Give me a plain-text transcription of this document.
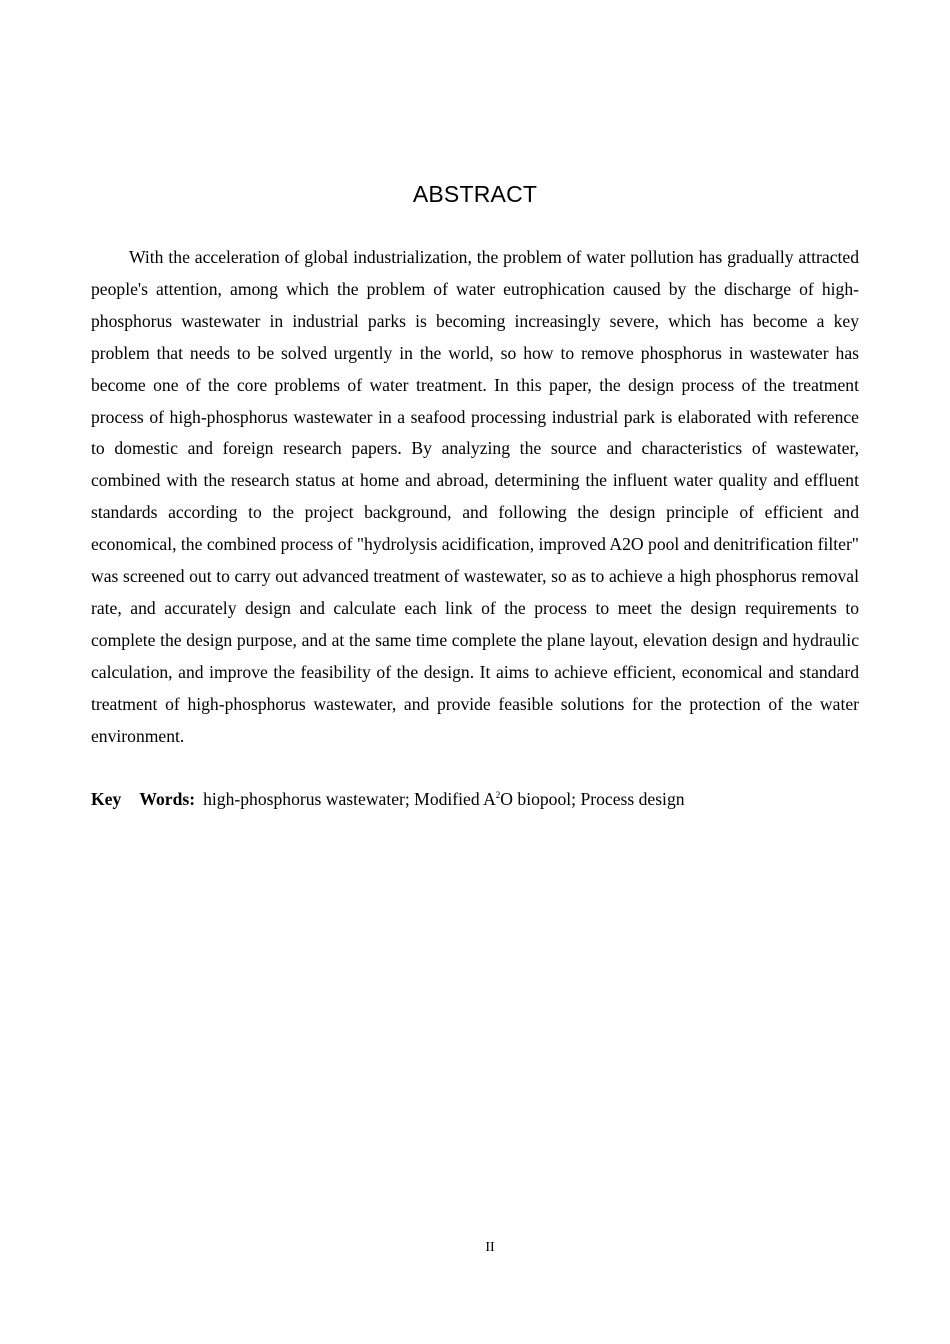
ABSTRACT

With the acceleration of global industrialization, the problem of water pollution has gradually attracted people's attention, among which the problem of water eutrophication caused by the discharge of high-phosphorus wastewater in industrial parks is becoming increasingly severe, which has become a key problem that needs to be solved urgently in the world, so how to remove phosphorus in wastewater has become one of the core problems of water treatment. In this paper, the design process of the treatment process of high-phosphorus wastewater in a seafood processing industrial park is elaborated with reference to domestic and foreign research papers. By analyzing the source and characteristics of wastewater, combined with the research status at home and abroad, determining the influent water quality and effluent standards according to the project background, and following the design principle of efficient and economical, the combined process of "hydrolysis acidification, improved A2O pool and denitrification filter" was screened out to carry out advanced treatment of wastewater, so as to achieve a high phosphorus removal rate, and accurately design and calculate each link of the process to meet the design requirements to complete the design purpose, and at the same time complete the plane layout, elevation design and hydraulic calculation, and improve the feasibility of the design. It aims to achieve efficient, economical and standard treatment of high-phosphorus wastewater, and provide feasible solutions for the protection of the water environment.

Key Words: high-phosphorus wastewater; Modified $A^2O$ biopool; Process design

II
